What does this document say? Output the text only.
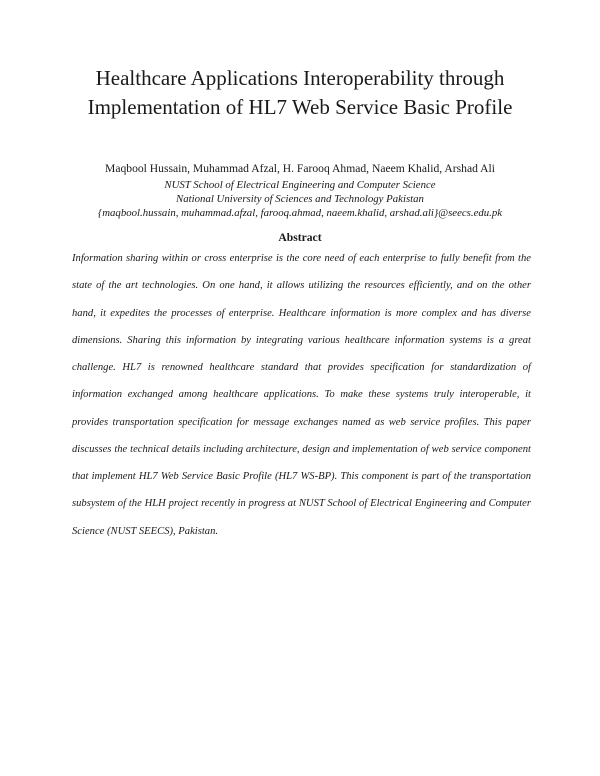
Healthcare Applications Interoperability through Implementation of HL7 Web Service Basic Profile
Maqbool Hussain, Muhammad Afzal, H. Farooq Ahmad, Naeem Khalid, Arshad Ali
NUST School of Electrical Engineering and Computer Science
National University of Sciences and Technology Pakistan
{maqbool.hussain, muhammad.afzal, farooq.ahmad, naeem.khalid, arshad.ali}@seecs.edu.pk
Abstract

Information sharing within or cross enterprise is the core need of each enterprise to fully benefit from the state of the art technologies. On one hand, it allows utilizing the resources efficiently, and on the other hand, it expedites the processes of enterprise. Healthcare information is more complex and has diverse dimensions. Sharing this information by integrating various healthcare information systems is a great challenge. HL7 is renowned healthcare standard that provides specification for standardization of information exchanged among healthcare applications. To make these systems truly interoperable, it provides transportation specification for message exchanges named as web service profiles. This paper discusses the technical details including architecture, design and implementation of web service component that implement HL7 Web Service Basic Profile (HL7 WS-BP). This component is part of the transportation subsystem of the HLH project recently in progress at NUST School of Electrical Engineering and Computer Science (NUST SEECS), Pakistan.
